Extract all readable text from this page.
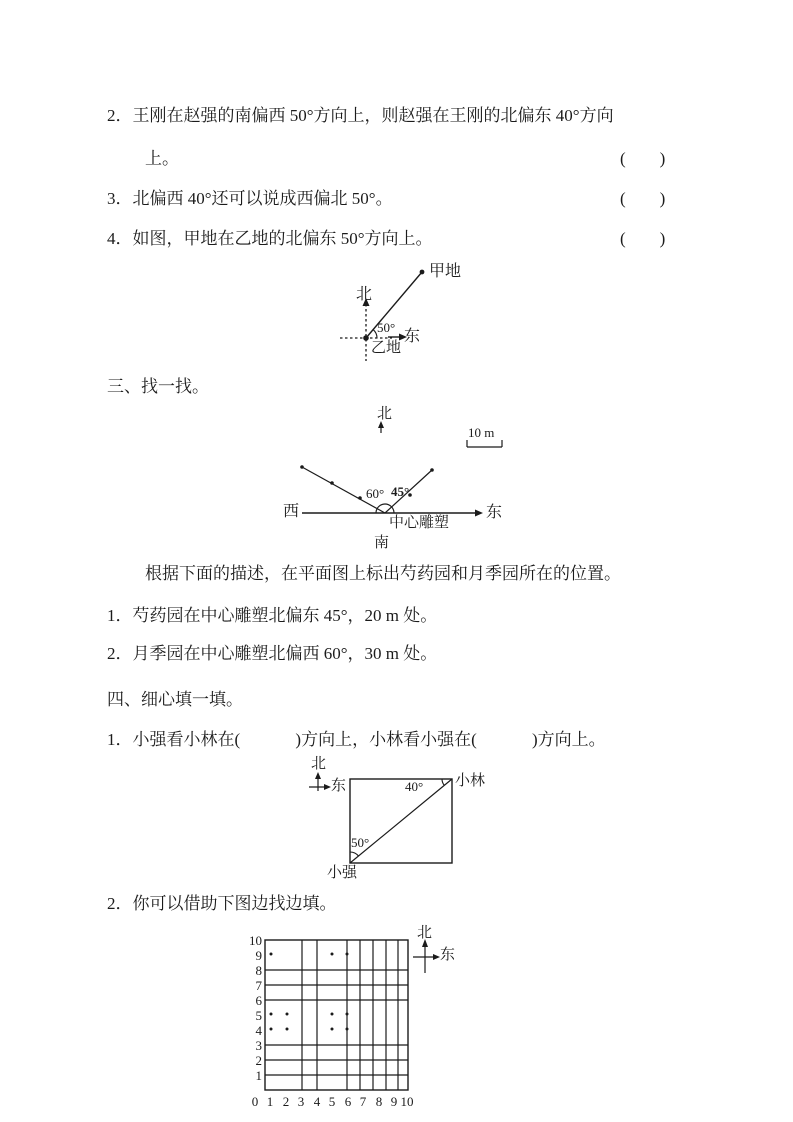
2．王刚在赵强的南偏西 50°方向上，则赵强在王刚的北偏东 40°方向
上。	(　　)
3．北偏西 40°还可以说成西偏北 50°。	(　　)
4．如图，甲地在乙地的北偏东 50°方向上。	(　　)
北
甲地
50°
东
乙地
三、找一找。
北
10 m
西	东
60° 45°
中心雕塑
南
根据下面的描述，在平面图上标出芍药园和月季园所在的位置。
1．芍药园在中心雕塑北偏东 45°，20 m 处。
2．月季园在中心雕塑北偏西 60°，30 m 处。
四、细心填一填。
1．小强看小林在(　　　 )方向上，小林看小强在(　　　 )方向上。
北
东	小林
小强
40°
50°
2．你可以借助下图边找边填。
10
9
8
7
6
5
4
3
2
1
0 1 2 3 4 5 6 7 8 9 10
北
东
